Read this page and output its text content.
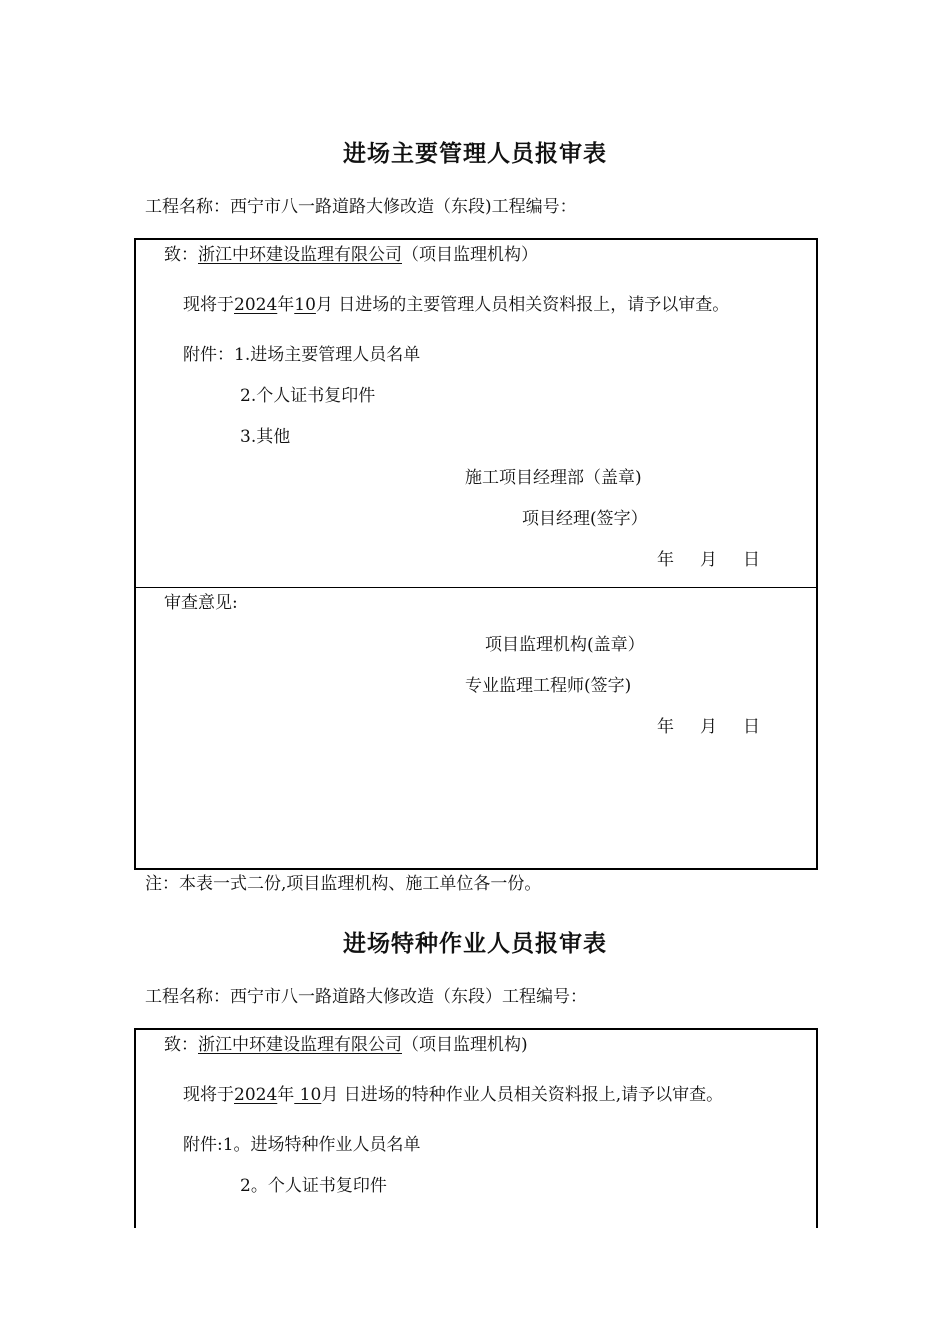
进场主要管理人员报审表
工程名称：西宁市八一路道路大修改造（东段)工程编号：
致：浙江中环建设监理有限公司（项目监理机构）
现将于2024年10月 日进场的主要管理人员相关资料报上，请予以审查。
附件：1.进场主要管理人员名单
2.个人证书复印件
3.其他
施工项目经理部（盖章)
项目经理(签字）
年 月 日
审查意见:
项目监理机构(盖章）
专业监理工程师(签字)
年 月 日
注：本表一式二份,项目监理机构、施工单位各一份。
进场特种作业人员报审表
工程名称：西宁市八一路道路大修改造（东段）工程编号：
致：浙江中环建设监理有限公司（项目监理机构)
现将于2024年 10月 日进场的特种作业人员相关资料报上,请予以审查。
附件:1。进场特种作业人员名单
2。个人证书复印件
